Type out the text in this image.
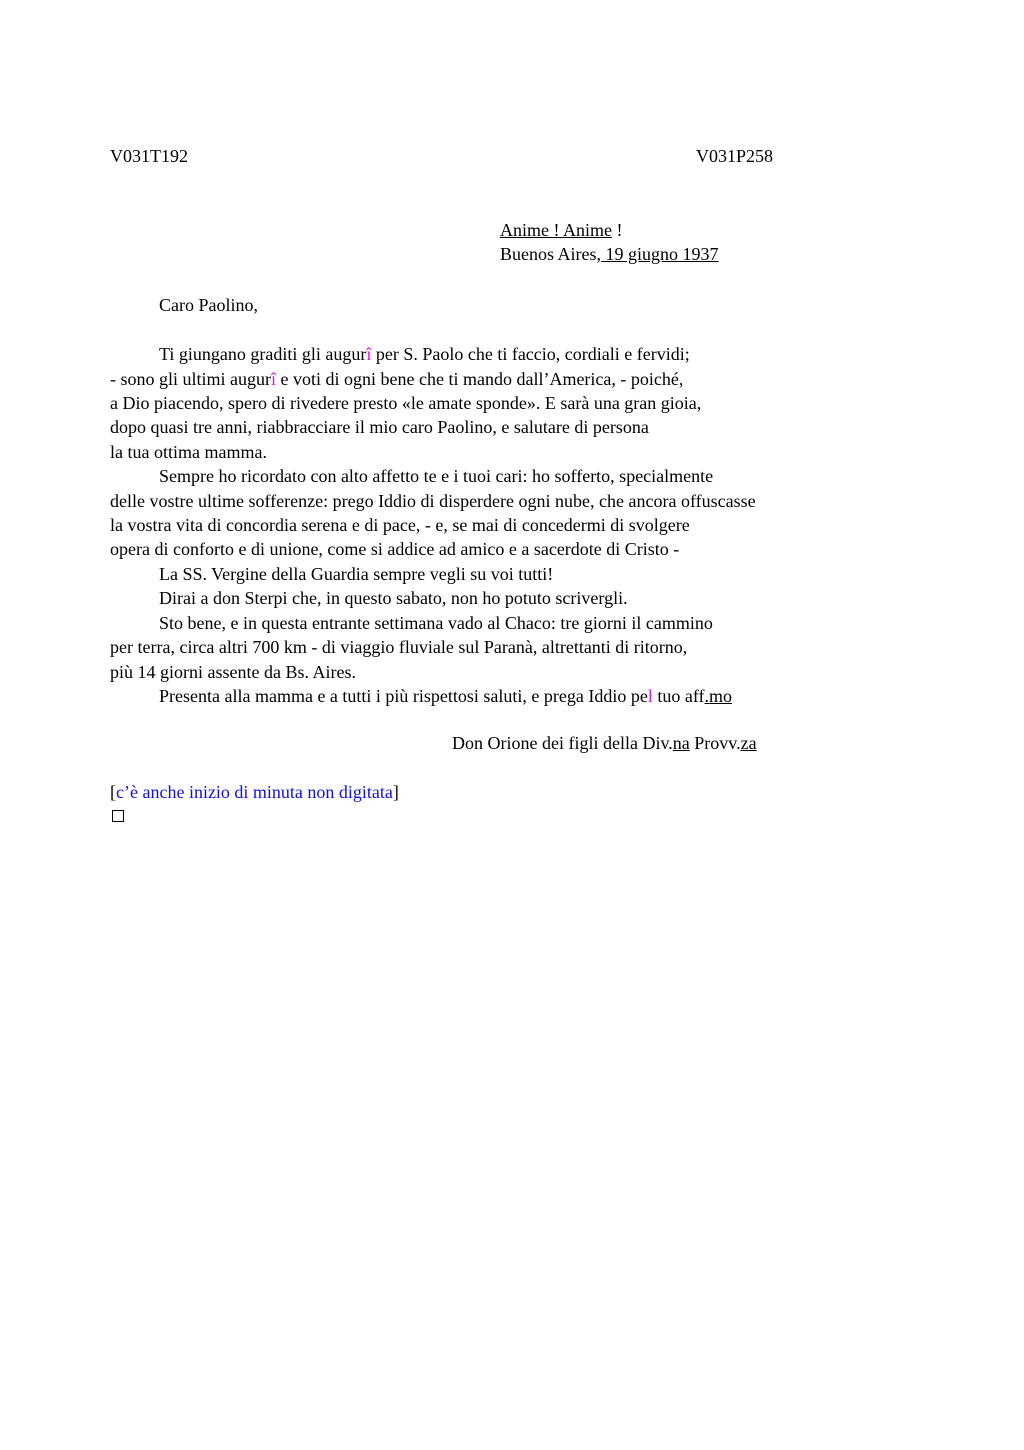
V031T192	V031P258
Anime ! Anime !
Buenos Aires, 19 giugno 1937
Caro Paolino,
Ti giungano graditi gli augurî per S. Paolo che ti faccio, cordiali e fervidi;
- sono gli ultimi augurî e voti di ogni bene che ti mando dall’America, - poiché,
a Dio piacendo, spero di rivedere presto «le amate sponde». E sarà una gran gioia,
dopo quasi tre anni, riabbracciare il mio caro Paolino, e salutare di persona
la tua ottima mamma.
Sempre ho ricordato con alto affetto te e i tuoi cari: ho sofferto, specialmente
delle vostre ultime sofferenze: prego Iddio di disperdere ogni nube, che ancora offuscasse
la vostra vita di concordia serena e di pace, - e, se mai di concedermi di svolgere
opera di conforto e di unione, come si addice ad amico e a sacerdote di Cristo -
La SS. Vergine della Guardia sempre vegli su voi tutti!
Dirai a don Sterpi che, in questo sabato, non ho potuto scrivergli.
Sto bene, e in questa entrante settimana vado al Chaco: tre giorni il cammino
per terra, circa altri 700 km - di viaggio fluviale sul Paranà, altrettanti di ritorno,
più 14 giorni assente da Bs. Aires.
Presenta alla mamma e a tutti i più rispettosi saluti, e prega Iddio pel tuo aff.mo
Don Orione dei figli della Div.na Provv.za
[c’è anche inizio di minuta non digitata]
